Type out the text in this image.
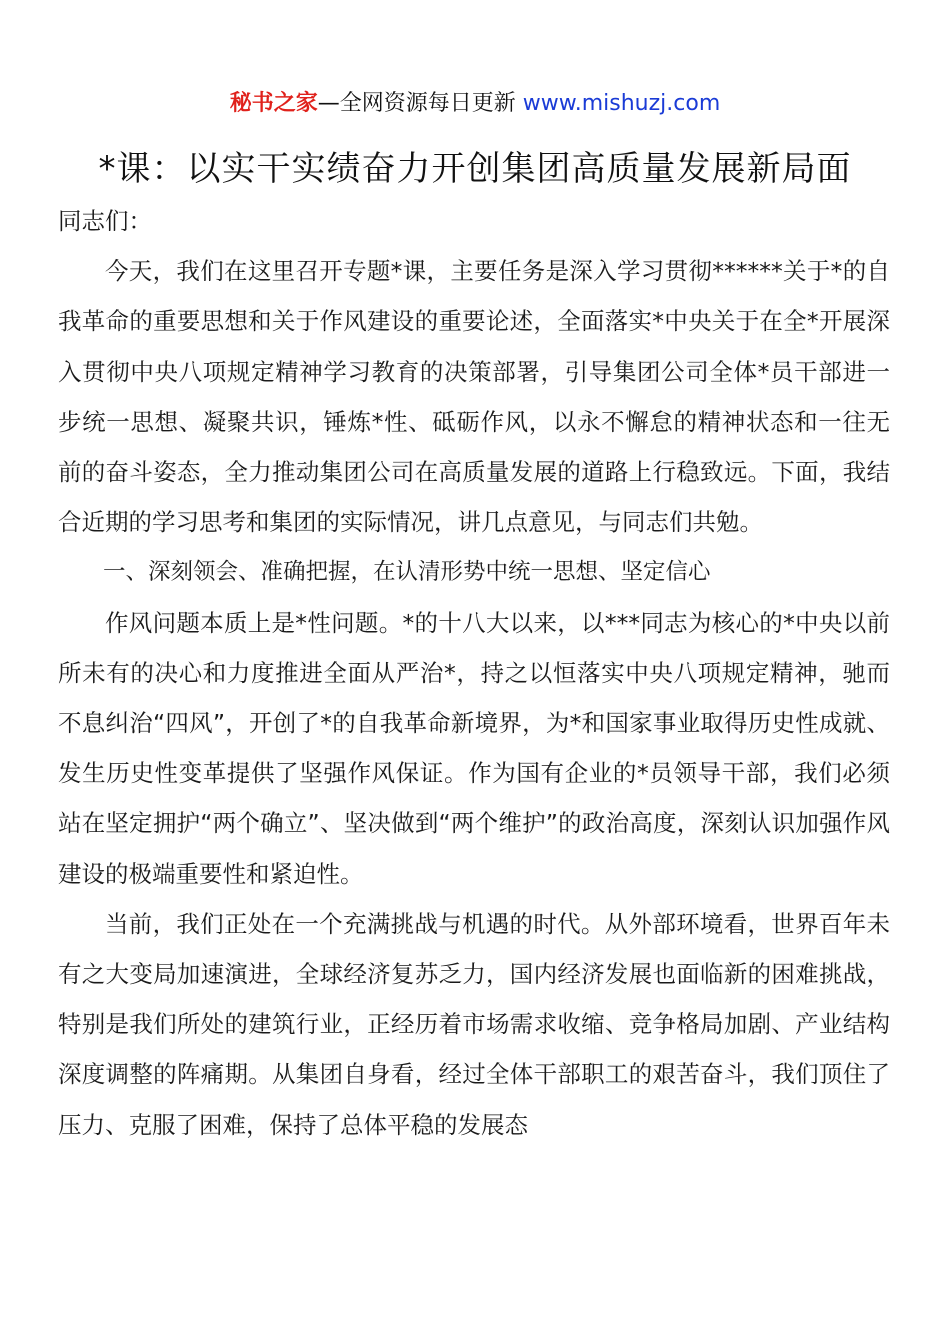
秘书之家—全网资源每日更新 www.mishuzj.com
*课：以实干实绩奋力开创集团高质量发展新局面

同志们：

今天，我们在这里召开专题*课，主要任务是深入学习贯彻******关于*的自我革命的重要思想和关于作风建设的重要论述，全面落实*中央关于在全*开展深入贯彻中央八项规定精神学习教育的决策部署，引导集团公司全体*员干部进一步统一思想、凝聚共识，锤炼*性、砥砺作风，以永不懈怠的精神状态和一往无前的奋斗姿态，全力推动集团公司在高质量发展的道路上行稳致远。下面，我结合近期的学习思考和集团的实际情况，讲几点意见，与同志们共勉。

一、深刻领会、准确把握，在认清形势中统一思想、坚定信心

作风问题本质上是*性问题。*的十八大以来，以***同志为核心的*中央以前所未有的决心和力度推进全面从严治*，持之以恒落实中央八项规定精神，驰而不息纠治“四风”，开创了*的自我革命新境界，为*和国家事业取得历史性成就、发生历史性变革提供了坚强作风保证。作为国有企业的*员领导干部，我们必须站在坚定拥护“两个确立”、坚决做到“两个维护”的政治高度，深刻认识加强作风建设的极端重要性和紧迫性。

当前，我们正处在一个充满挑战与机遇的时代。从外部环境看，世界百年未有之大变局加速演进，全球经济复苏乏力，国内经济发展也面临新的困难挑战，特别是我们所处的建筑行业，正经历着市场需求收缩、竞争格局加剧、产业结构深度调整的阵痛期。从集团自身看，经过全体干部职工的艰苦奋斗，我们顶住了压力、克服了困难，保持了总体平稳的发展态
